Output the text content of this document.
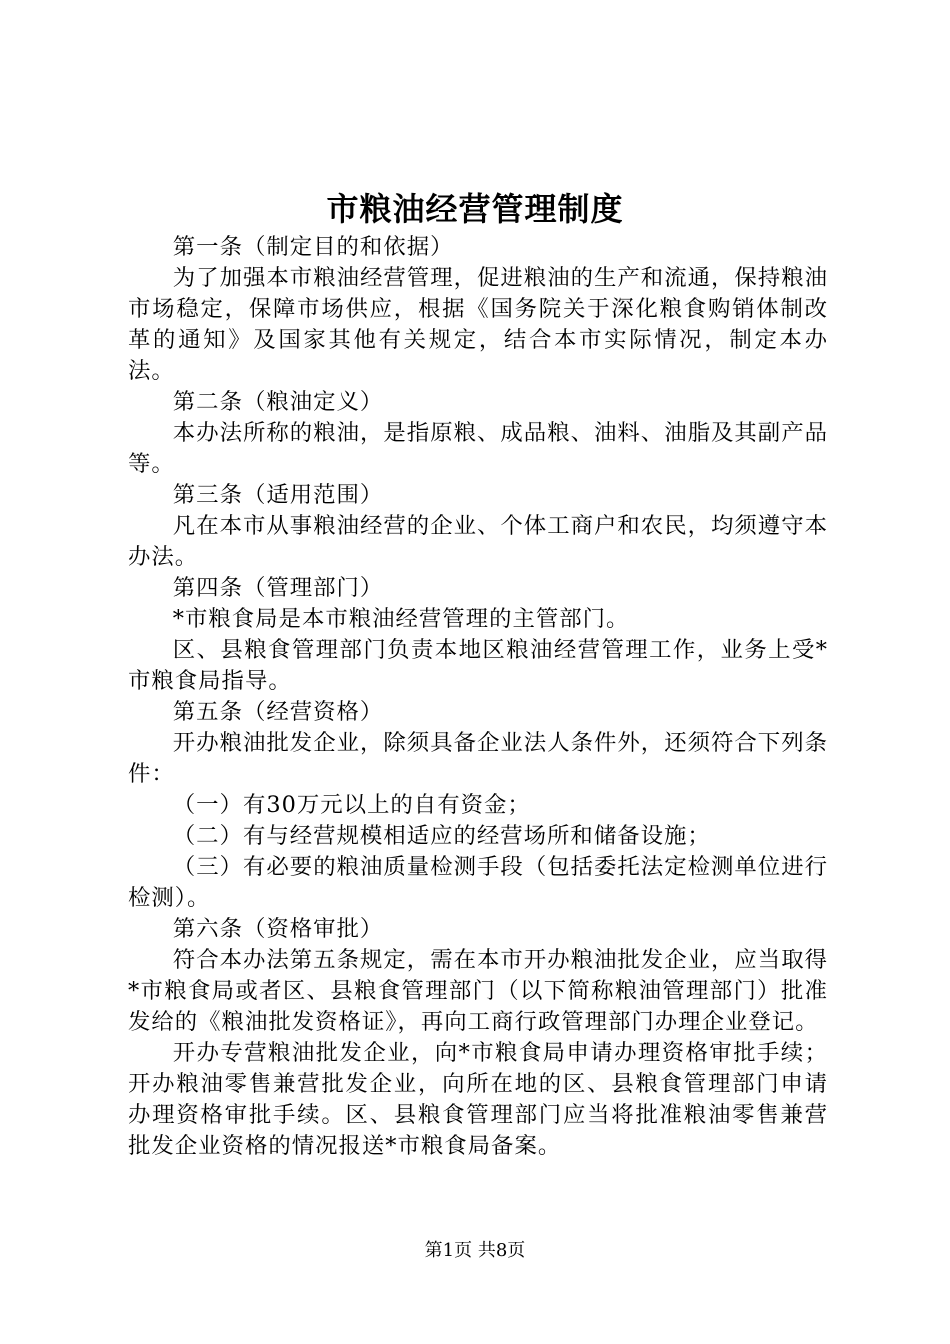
市粮油经营管理制度

第一条（制定目的和依据）

为了加强本市粮油经营管理，促进粮油的生产和流通，保持粮油市场稳定，保障市场供应，根据《国务院关于深化粮食购销体制改革的通知》及国家其他有关规定，结合本市实际情况，制定本办法。

第二条（粮油定义）

本办法所称的粮油，是指原粮、成品粮、油料、油脂及其副产品等。

第三条（适用范围）

凡在本市从事粮油经营的企业、个体工商户和农民，均须遵守本办法。

第四条（管理部门）

*市粮食局是本市粮油经营管理的主管部门。

区、县粮食管理部门负责本地区粮油经营管理工作，业务上受*市粮食局指导。

第五条（经营资格）

开办粮油批发企业，除须具备企业法人条件外，还须符合下列条件：

（一）有30万元以上的自有资金；

（二）有与经营规模相适应的经营场所和储备设施；

（三）有必要的粮油质量检测手段（包括委托法定检测单位进行检测）。

第六条（资格审批）

符合本办法第五条规定，需在本市开办粮油批发企业，应当取得*市粮食局或者区、县粮食管理部门（以下简称粮油管理部门）批准发给的《粮油批发资格证》，再向工商行政管理部门办理企业登记。

开办专营粮油批发企业，向*市粮食局申请办理资格审批手续；开办粮油零售兼营批发企业，向所在地的区、县粮食管理部门申请办理资格审批手续。区、县粮食管理部门应当将批准粮油零售兼营批发企业资格的情况报送*市粮食局备案。

第1页 共8页
